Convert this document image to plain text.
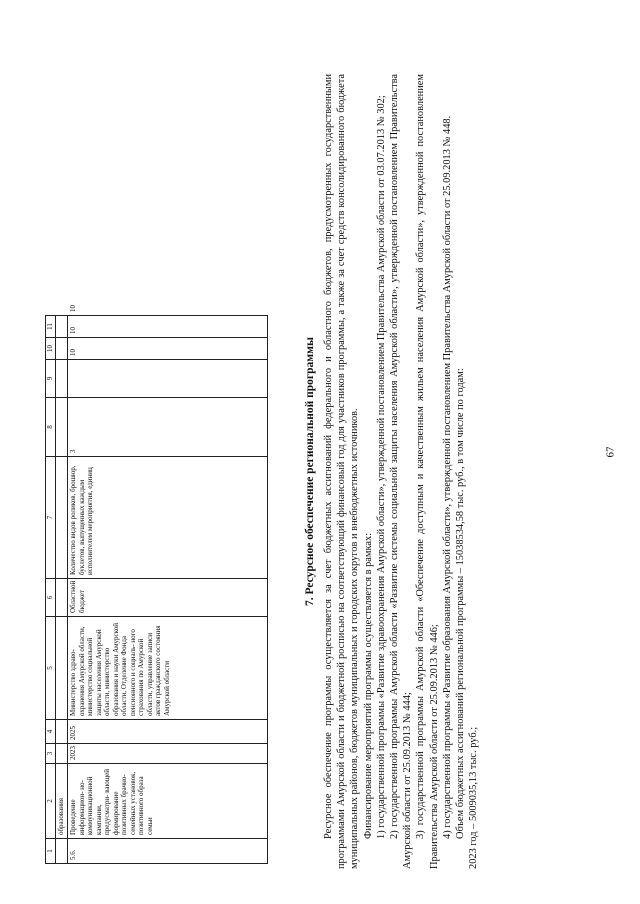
67
1	2	3	4	5	6	7	8	9	10	11	
	образования										
5.6.	Проведение информацион- но-коммуникационной кампании, предусматри- вающей формирование позитивных брачно-семейных установок, позитивного образа семьи	2023	2025	Министерство здраво- охранения Амурской области, министерство социальной защиты населения Амурской области, министерство образования и науки Амурской области, Отделение Фонда пенсионного и социаль- ного страхования по Амурской области, управление записи актов гражданского состояния Амурской области	Областной бюджет	Количество видов роликов, брошюр, буклетов, выпущенных каждым исполнителем мероприятия, единиц	3		10	10	10
7. Ресурсное обеспечение региональной программы Ресурсное обеспечение программы осуществляется за счет бюджетных ассигнований федерального и областного бюджетов, предусмотренных государственными программами Амурской области и бюджетной росписью на соответствующий финансовый год для участников программы, а также за счет средств консолидированного бюджета муниципальных районов, бюджетов муниципальных и городских округов и внебюджетных источников. Финансирование мероприятий программы осуществляется в рамках: 1) государственной программы «Развитие здравоохранения Амурской области», утвержденной постановлением Правительства Амурской области от 03.07.2013 № 302; 2) государственной программы Амурской области «Развитие системы социальной защиты населения Амурской области», утвержденной постановлением Правительства Амурской области от 25.09.2013 № 444; 3) государственной программы Амурской области «Обеспечение доступным и качественным жильем населения Амурской области», утвержденной постановлением Правительства Амурской области от 25.09.2013 № 446; 4) государственной программы «Развитие образования Амурской области», утвержденной постановлением Правительства Амурской области от 25.09.2013 № 448. Объем бюджетных ассигнований региональной программы – 15038534,58 тыс. руб., в том числе по годам: 2023 год – 5009035,13 тыс. руб.;
